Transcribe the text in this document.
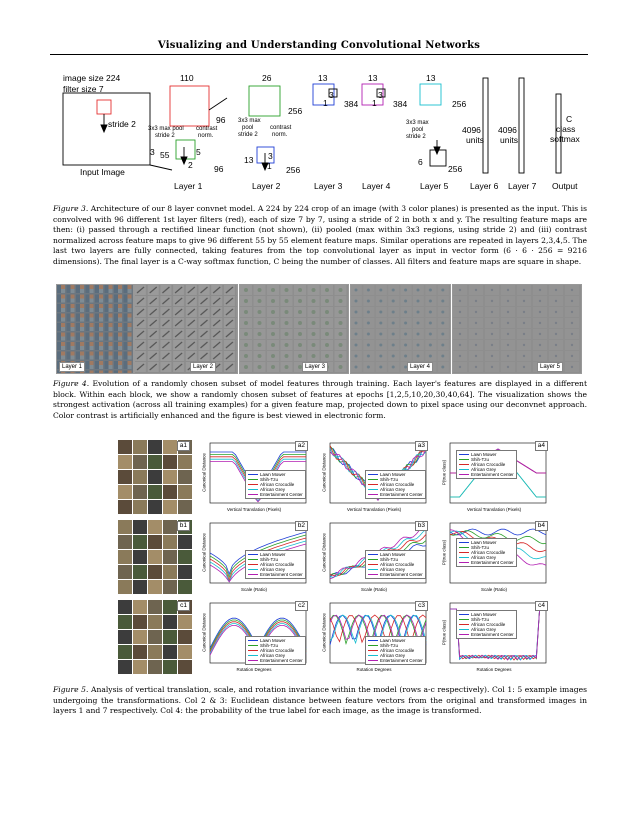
Visualizing and Understanding Convolutional Networks
image size 224
filter size 7
stride 2
Input Image
110
96
3x3 max pool
stride 2
contrast
norm.
5
2
55
96
3
Layer 1
26
256
3x3 max
pool
stride 2
contrast
norm.
3
1
13
256
Layer 2
13
3
1 384
Layer 3
13
3
1 384
Layer 4
13
256
3x3 max
pool
stride 2
6
256
Layer 5
4096
units
Layer 6
4096
units
Layer 7
C
class
softmax
Output
Figure 3. Architecture of our 8 layer convnet model. A 224 by 224 crop of an image (with 3 color planes) is presented as the input. This is convolved with 96 different 1st layer filters (red), each of size 7 by 7, using a stride of 2 in both x and y. The resulting feature maps are then: (i) passed through a rectified linear function (not shown), (ii) pooled (max within 3x3 regions, using stride 2) and (iii) contrast normalized across feature maps to give 96 different 55 by 55 element feature maps. Similar operations are repeated in layers 2,3,4,5. The last two layers are fully connected, taking features from the top convolutional layer as input in vector form (6 · 6 · 256 = 9216 dimensions). The final layer is a C-way softmax function, C being the number of classes. All filters and feature maps are square in shape.
Layer 1	Layer 2	Layer 3	Layer 4	Layer 5
Figure 4. Evolution of a randomly chosen subset of model features through training. Each layer's features are displayed in a different block. Within each block, we show a randomly chosen subset of features at epochs [1,2,5,10,20,30,40,64]. The visualization shows the strongest activation (across all training examples) for a given feature map, projected down to pixel space using our deconvnet approach. Color contrast is artificially enhanced and the figure is best viewed in electronic form.
a1
Vertical Translation (Pixels)
Canonical Distance
a2
Lawn Mower
Shih-Tzu
African Crocodile
African Grey
Entertainment Center
Vertical Translation (Pixels)
Canonical Distance
a3
Lawn Mower
Shih-Tzu
African Crocodile
African Grey
Entertainment Center
Vertical Translation (Pixels)
P(true class)
a4
Lawn Mower
Shih-Tzu
African Crocodile
African Grey
Entertainment Center
b1
Scale (Ratio)
Canonical Distance
b2
Lawn Mower
Shih-Tzu
African Crocodile
African Grey
Entertainment Center
Scale (Ratio)
Canonical Distance
b3
Lawn Mower
Shih-Tzu
African Crocodile
African Grey
Entertainment Center
Scale (Ratio)
P(true class)
b4
Lawn Mower
Shih-Tzu
African Crocodile
African Grey
Entertainment Center
c1
Rotation Degrees
Canonical Distance
c2
Lawn Mower
Shih-Tzu
African Crocodile
African Grey
Entertainment Center
Rotation Degrees
Canonical Distance
c3
Lawn Mower
Shih-Tzu
African Crocodile
African Grey
Entertainment Center
Rotation Degrees
P(true class)
c4
Lawn Mower
Shih-Tzu
African Crocodile
African Grey
Entertainment Center
Figure 5. Analysis of vertical translation, scale, and rotation invariance within the model (rows a-c respectively). Col 1: 5 example images undergoing the transformations. Col 2 & 3: Euclidean distance between feature vectors from the original and transformed images in layers 1 and 7 respectively. Col 4: the probability of the true label for each image, as the image is transformed.
